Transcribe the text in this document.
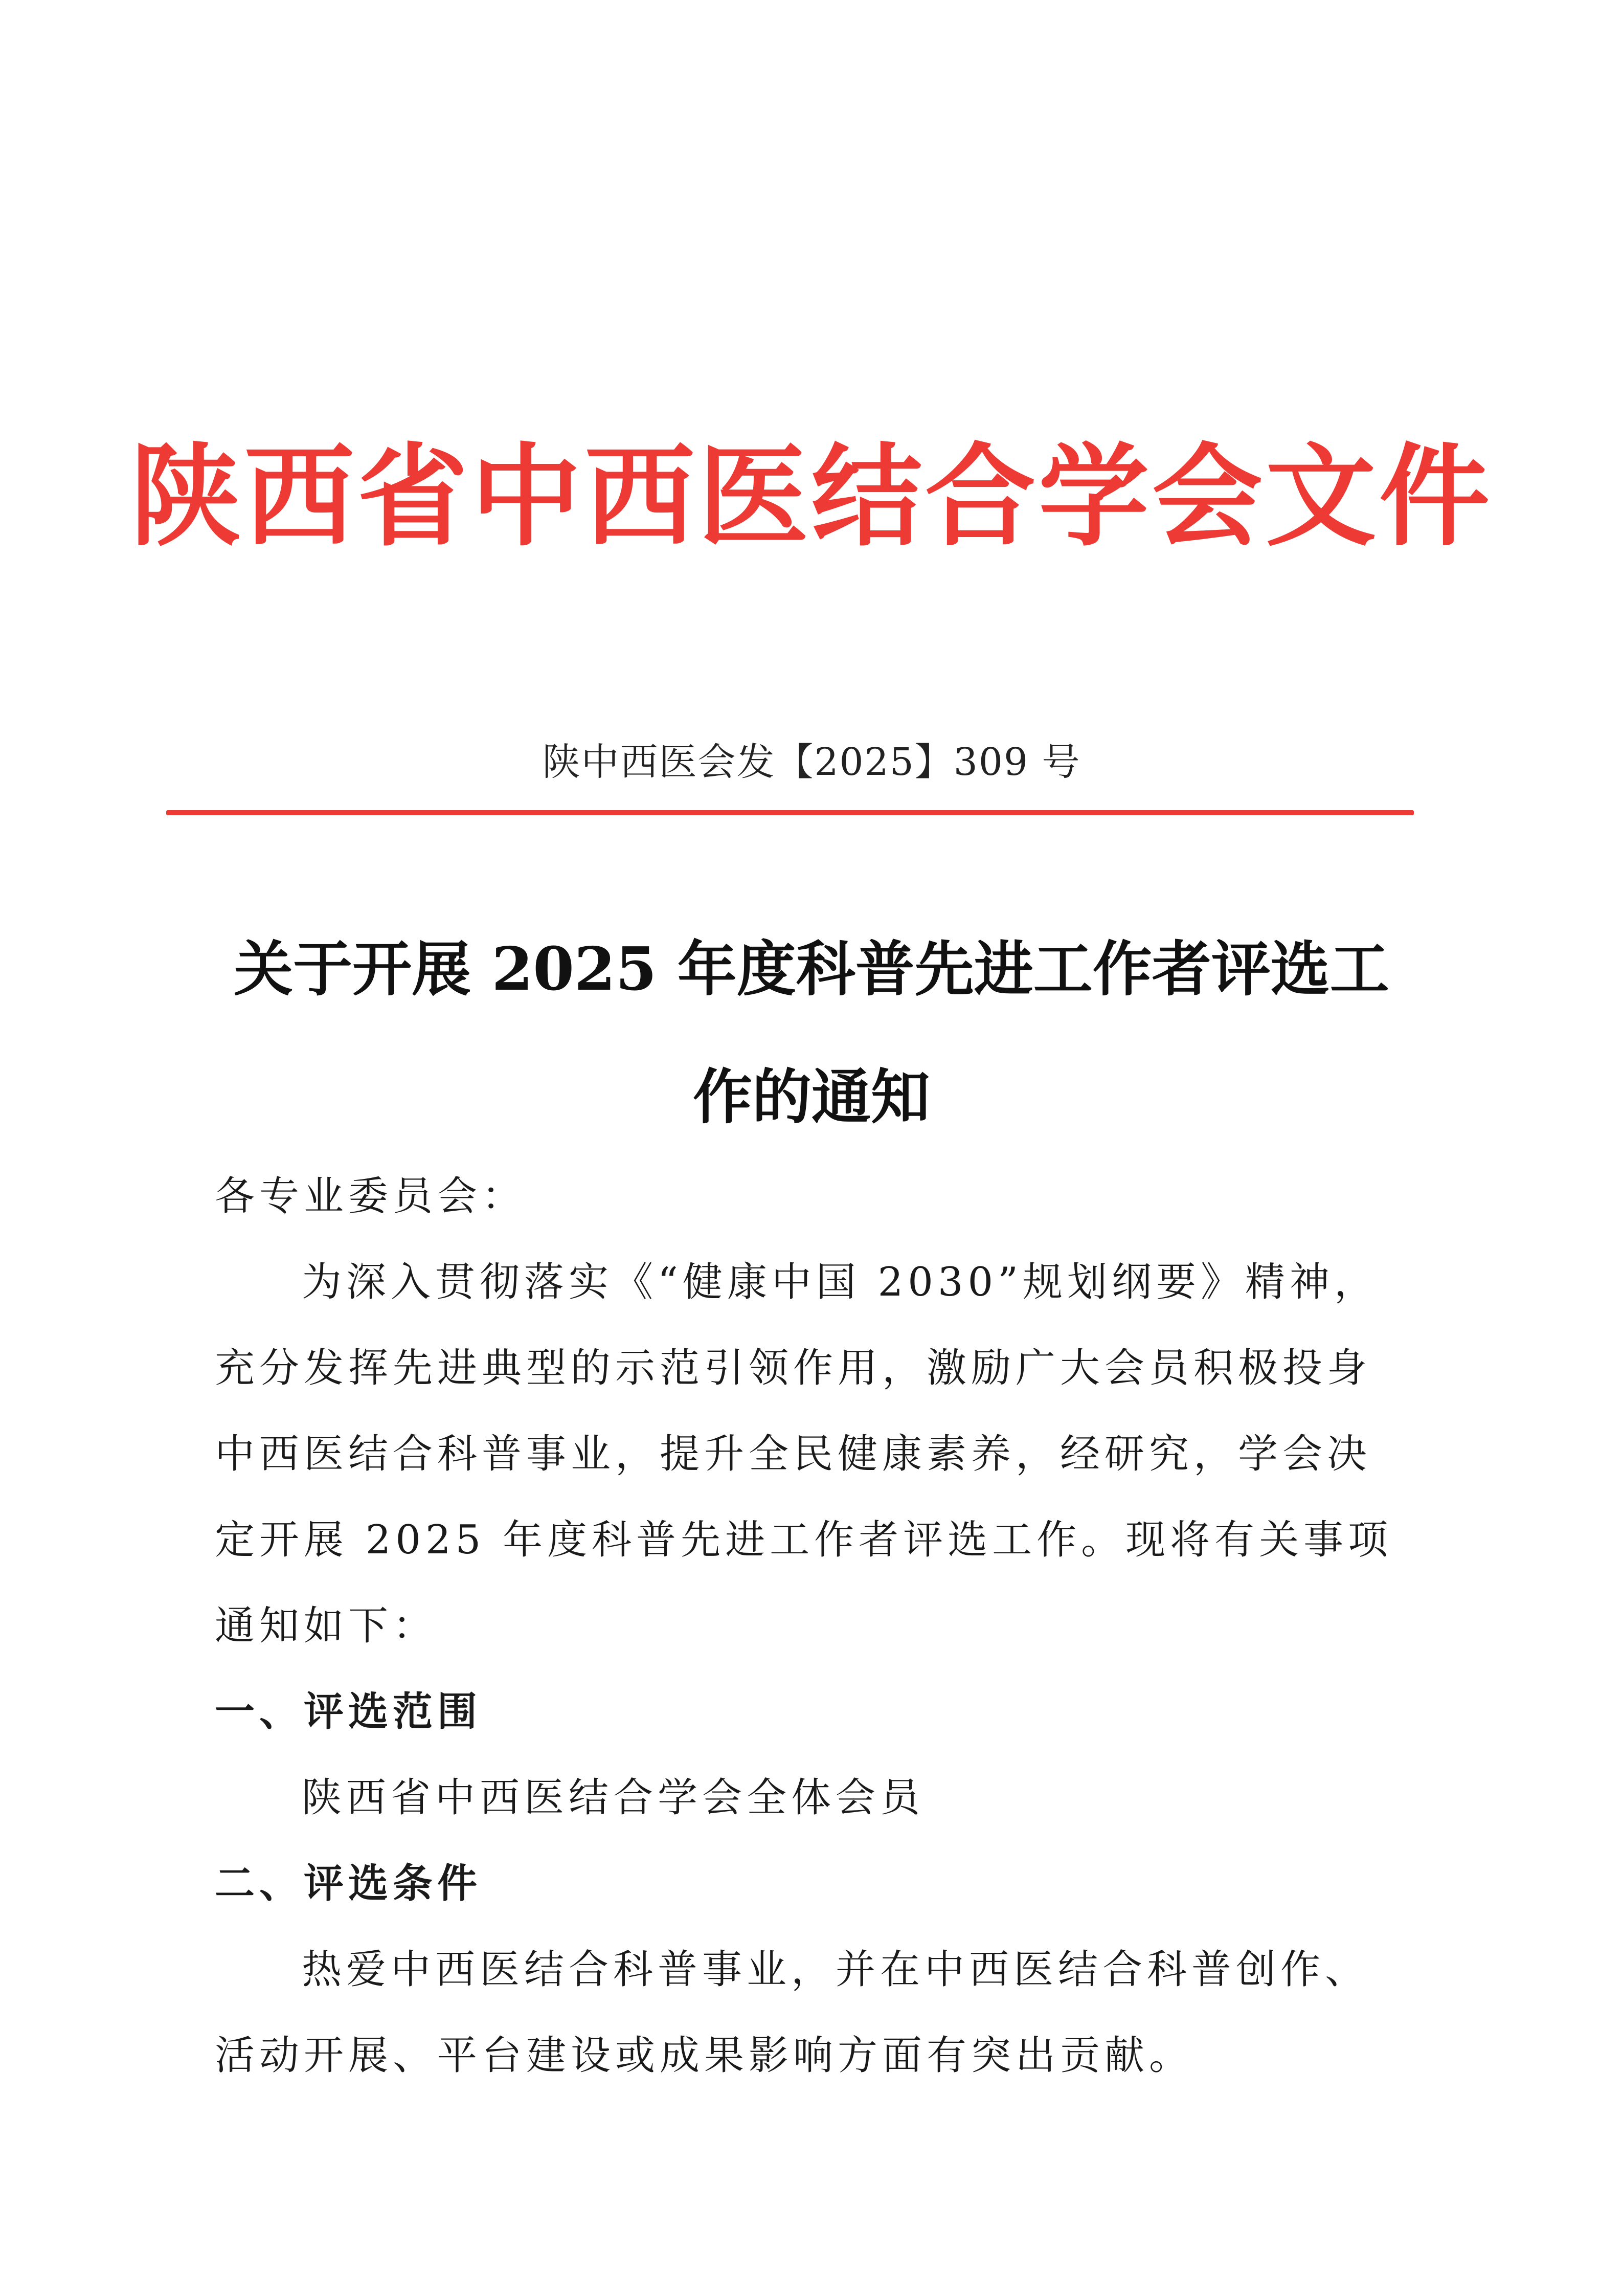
陕西省中西医结合学会文件
陕中西医会发【2025】309 号
关于开展 2025 年度科普先进工作者评选工作的通知

各专业委员会：

为深入贯彻落实《“健康中国 2030”规划纲要》精神，充分发挥先进典型的示范引领作用，激励广大会员积极投身中西医结合科普事业，提升全民健康素养，经研究，学会决定开展 2025 年度科普先进工作者评选工作。现将有关事项通知如下：

一、评选范围

陕西省中西医结合学会全体会员

二、评选条件

热爱中西医结合科普事业，并在中西医结合科普创作、活动开展、平台建设或成果影响方面有突出贡献。
